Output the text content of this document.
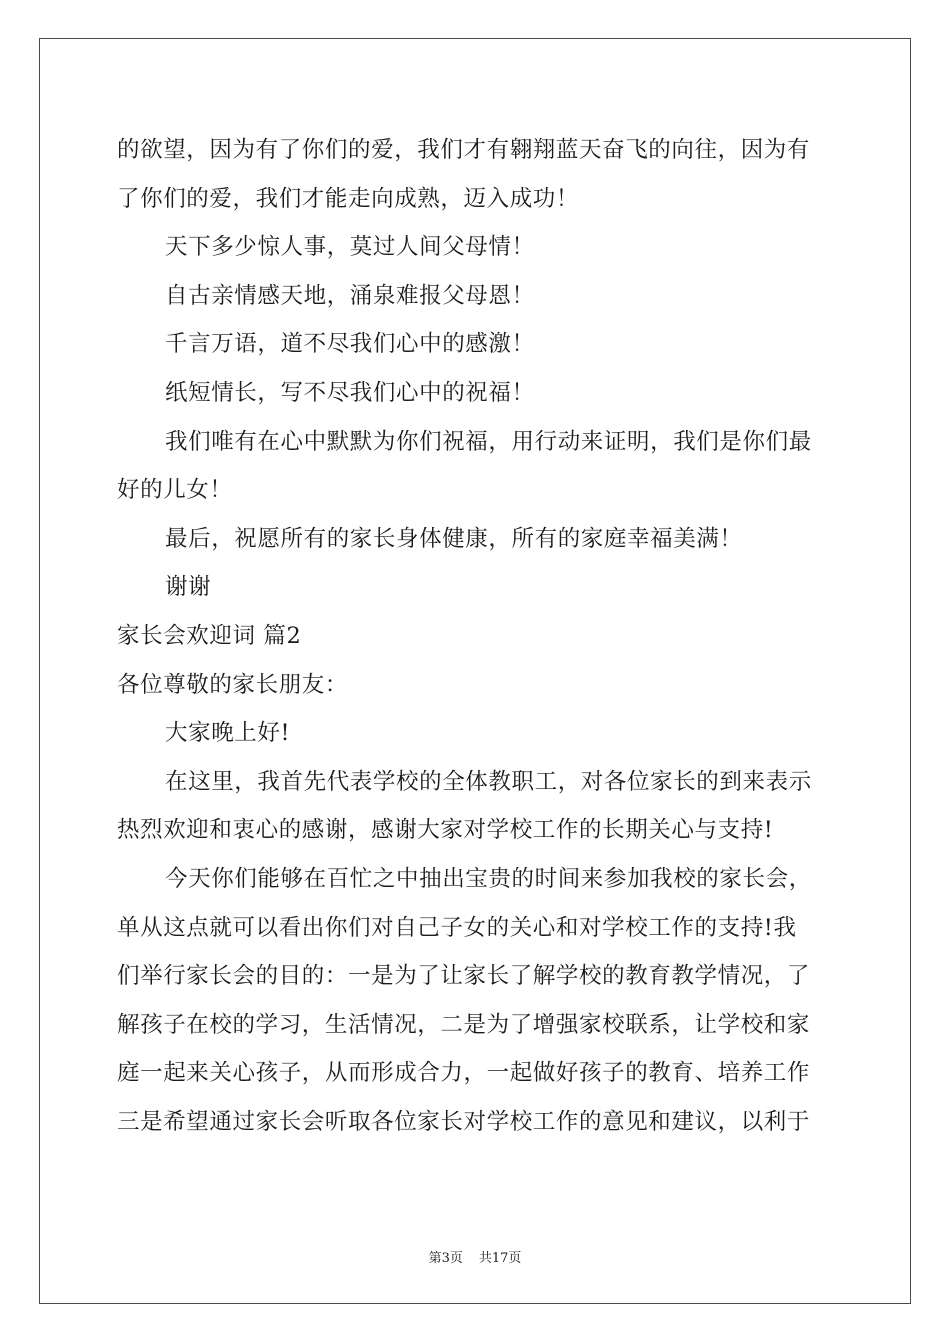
的欲望，因为有了你们的爱，我们才有翱翔蓝天奋飞的向往，因为有
了你们的爱，我们才能走向成熟，迈入成功！
天下多少惊人事，莫过人间父母情！
自古亲情感天地，涌泉难报父母恩！
千言万语，道不尽我们心中的感激！
纸短情长，写不尽我们心中的祝福！
我们唯有在心中默默为你们祝福，用行动来证明，我们是你们最
好的儿女！
最后，祝愿所有的家长身体健康，所有的家庭幸福美满！
谢谢
家长会欢迎词 篇2
各位尊敬的家长朋友：
大家晚上好!
在这里，我首先代表学校的全体教职工，对各位家长的到来表示
热烈欢迎和衷心的感谢，感谢大家对学校工作的长期关心与支持!
今天你们能够在百忙之中抽出宝贵的时间来参加我校的家长会，
单从这点就可以看出你们对自己子女的关心和对学校工作的支持!我
们举行家长会的目的：一是为了让家长了解学校的教育教学情况，了
解孩子在校的学习，生活情况，二是为了增强家校联系，让学校和家
庭一起来关心孩子，从而形成合力，一起做好孩子的教育、培养工作
三是希望通过家长会听取各位家长对学校工作的意见和建议，以利于
第3页 共17页
